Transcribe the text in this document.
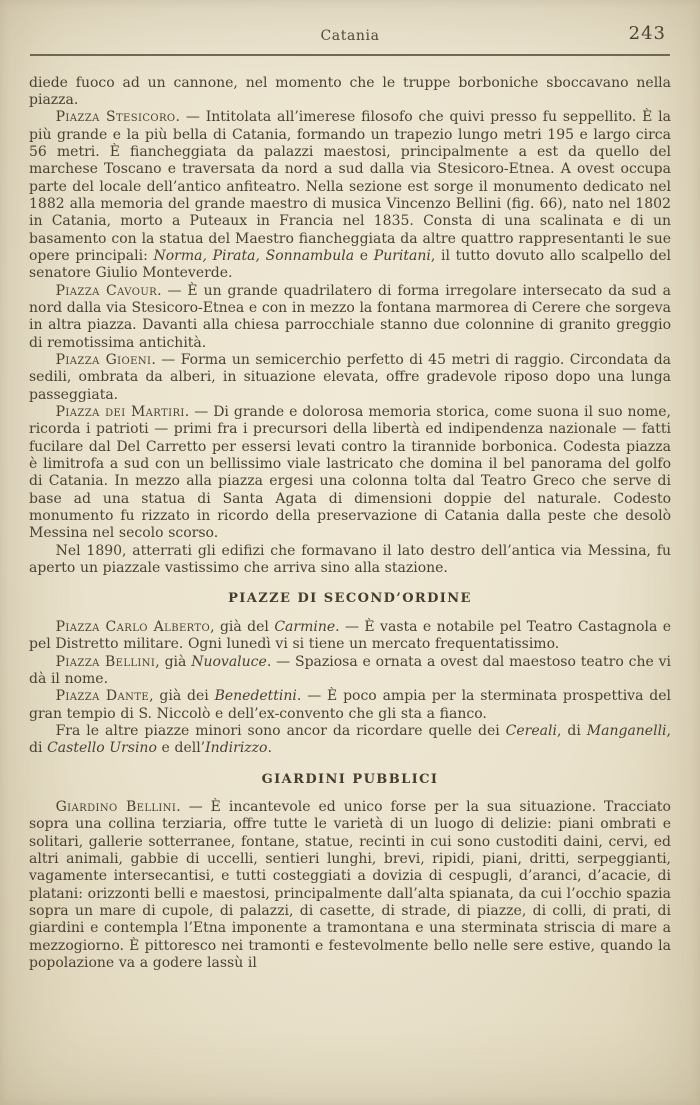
Catania	243

diede fuoco ad un cannone, nel momento che le truppe borboniche sboccavano nella piazza.

Piazza Stesicoro. — Intitolata all’imerese filosofo che quivi presso fu seppellito. È la più grande e la più bella di Catania, formando un trapezio lungo metri 195 e largo circa 56 metri. È fiancheggiata da palazzi maestosi, principalmente a est da quello del marchese Toscano e traversata da nord a sud dalla via Stesicoro-Etnea. A ovest occupa parte del locale dell’antico anfiteatro. Nella sezione est sorge il monumento dedicato nel 1882 alla memoria del grande maestro di musica Vincenzo Bellini (fig. 66), nato nel 1802 in Catania, morto a Puteaux in Francia nel 1835. Consta di una scalinata e di un basamento con la statua del Maestro fiancheggiata da altre quattro rappresentanti le sue opere principali: Norma, Pirata, Sonnambula e Puritani, il tutto dovuto allo scalpello del senatore Giulio Monteverde.

Piazza Cavour. — È un grande quadrilatero di forma irregolare intersecato da sud a nord dalla via Stesicoro-Etnea e con in mezzo la fontana marmorea di Cerere che sorgeva in altra piazza. Davanti alla chiesa parrocchiale stanno due colonnine di granito greggio di remotissima antichità.

Piazza Gioeni. — Forma un semicerchio perfetto di 45 metri di raggio. Circondata da sedili, ombrata da alberi, in situazione elevata, offre gradevole riposo dopo una lunga passeggiata.

Piazza dei Martiri. — Di grande e dolorosa memoria storica, come suona il suo nome, ricorda i patrioti — primi fra i precursori della libertà ed indipendenza nazionale — fatti fucilare dal Del Carretto per essersi levati contro la tirannide borbonica. Codesta piazza è limitrofa a sud con un bellissimo viale lastricato che domina il bel panorama del golfo di Catania. In mezzo alla piazza ergesi una colonna tolta dal Teatro Greco che serve di base ad una statua di Santa Agata di dimensioni doppie del naturale. Codesto monumento fu rizzato in ricordo della preservazione di Catania dalla peste che desolò Messina nel secolo scorso.

Nel 1890, atterrati gli edifizi che formavano il lato destro dell’antica via Messina, fu aperto un piazzale vastissimo che arriva sino alla stazione.

PIAZZE DI SECOND’ORDINE

Piazza Carlo Alberto, già del Carmine. — È vasta e notabile pel Teatro Castagnola e pel Distretto militare. Ogni lunedì vi si tiene un mercato frequentatissimo.

Piazza Bellini, già Nuovaluce. — Spaziosa e ornata a ovest dal maestoso teatro che vi dà il nome.

Piazza Dante, già dei Benedettini. — È poco ampia per la sterminata prospettiva del gran tempio di S. Niccolò e dell’ex-convento che gli sta a fianco.

Fra le altre piazze minori sono ancor da ricordare quelle dei Cereali, di Manganelli, di Castello Ursino e dell’Indirizzo.

GIARDINI PUBBLICI

Giardino Bellini. — È incantevole ed unico forse per la sua situazione. Tracciato sopra una collina terziaria, offre tutte le varietà di un luogo di delizie: piani ombrati e solitari, gallerie sotterranee, fontane, statue, recinti in cui sono custoditi daini, cervi, ed altri animali, gabbie di uccelli, sentieri lunghi, brevi, ripidi, piani, dritti, serpeggianti, vagamente intersecantisi, e tutti costeggiati a dovizia di cespugli, d’aranci, d’acacie, di platani: orizzonti belli e maestosi, principalmente dall’alta spianata, da cui l’occhio spazia sopra un mare di cupole, di palazzi, di casette, di strade, di piazze, di colli, di prati, di giardini e contempla l’Etna imponente a tramontana e una sterminata striscia di mare a mezzogiorno. È pittoresco nei tramonti e festevolmente bello nelle sere estive, quando la popolazione va a godere lassù il
